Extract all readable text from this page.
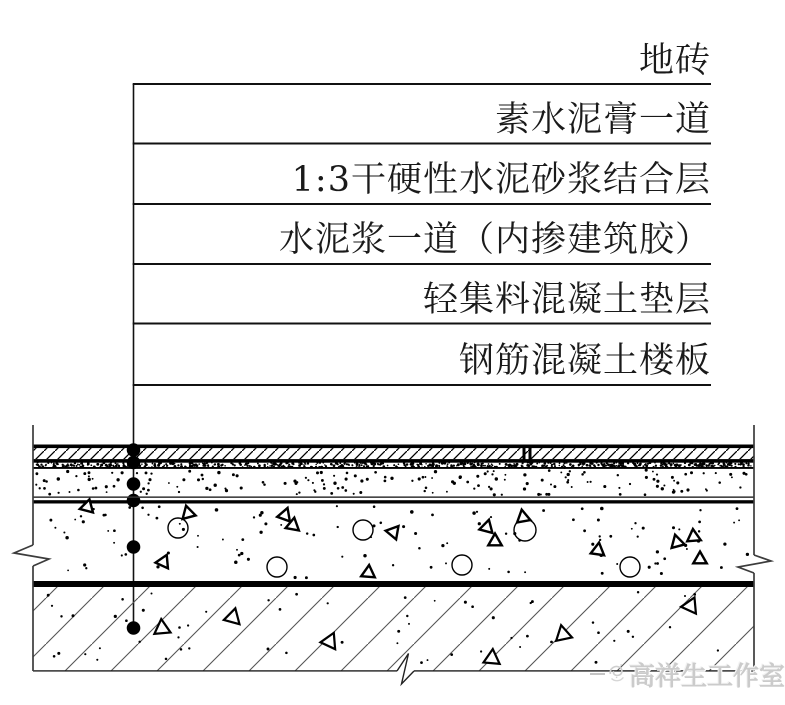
地砖
素水泥膏一道
1:3干硬性水泥砂浆结合层
水泥浆一道（内掺建筑胶）
轻集料混凝土垫层
钢筋混凝土楼板
高祥生工作室
